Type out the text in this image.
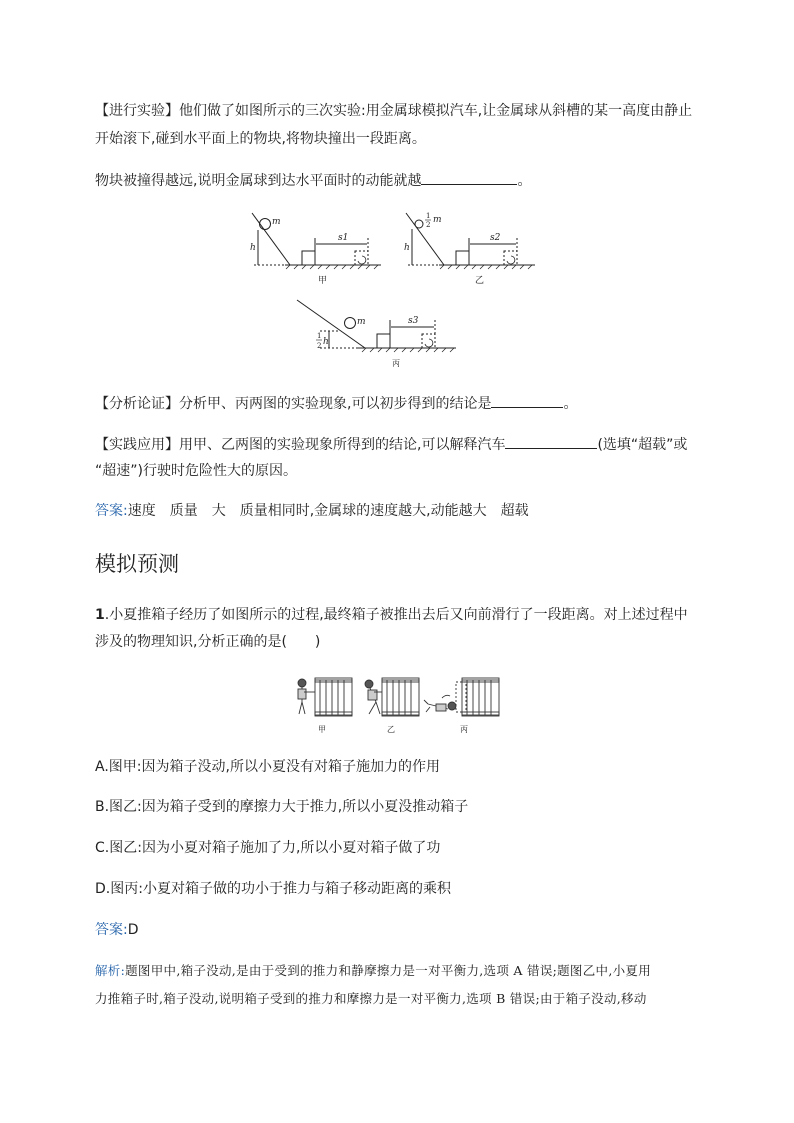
【进行实验】他们做了如图所示的三次实验:用金属球模拟汽车,让金属球从斜槽的某一高度由静止
开始滚下,碰到水平面上的物块,将物块撞出一段距离。
物块被撞得越远,说明金属球到达水平面时的动能就越	。
m
h
s1
甲
1
2 m
h
s2
乙
m
1
2 h
s3
丙
【分析论证】分析甲、丙两图的实验现象,可以初步得到的结论是	。
【实践应用】用甲、乙两图的实验现象所得到的结论,可以解释汽车	(选填“超载”或
“超速”)行驶时危险性大的原因。
答案:速度　质量　大　质量相同时,金属球的速度越大,动能越大　超载
模拟预测
1.小夏推箱子经历了如图所示的过程,最终箱子被推出去后又向前滑行了一段距离。对上述过程中
涉及的物理知识,分析正确的是(　　)
甲	乙	丙
A.图甲:因为箱子没动,所以小夏没有对箱子施加力的作用
B.图乙:因为箱子受到的摩擦力大于推力,所以小夏没推动箱子
C.图乙:因为小夏对箱子施加了力,所以小夏对箱子做了功
D.图丙:小夏对箱子做的功小于推力与箱子移动距离的乘积
答案:D
解析:题图甲中,箱子没动,是由于受到的推力和静摩擦力是一对平衡力,选项 A 错误;题图乙中,小夏用
力推箱子时,箱子没动,说明箱子受到的推力和摩擦力是一对平衡力,选项 B 错误;由于箱子没动,移动
